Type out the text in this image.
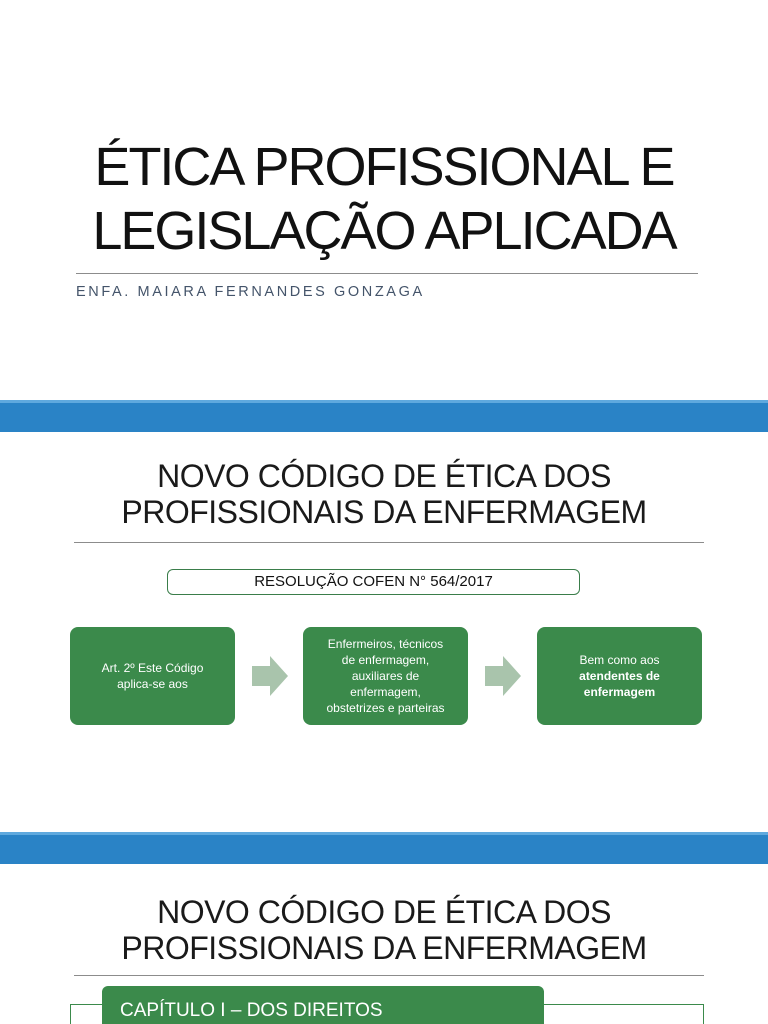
ÉTICA PROFISSIONAL E
LEGISLAÇÃO APLICADA
ENFA. MAIARA FERNANDES GONZAGA
NOVO CÓDIGO DE ÉTICA DOS
PROFISSIONAIS DA ENFERMAGEM
RESOLUÇÃO COFEN N° 564/2017
Art. 2º Este Código
aplica-se aos
Enfermeiros, técnicos
de enfermagem,
auxiliares de
enfermagem,
obstetrizes e parteiras
Bem como aos
atendentes de
enfermagem
NOVO CÓDIGO DE ÉTICA DOS
PROFISSIONAIS DA ENFERMAGEM
CAPÍTULO I – DOS DIREITOS
